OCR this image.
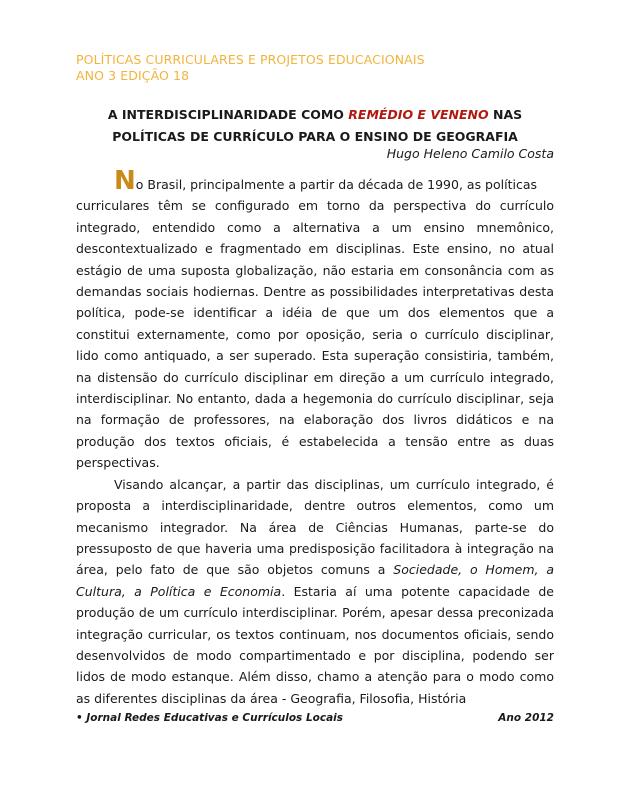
POLÍTICAS CURRICULARES E PROJETOS EDUCACIONAIS
ANO 3 EDIÇÃO 18
A INTERDISCIPLINARIDADE COMO REMÉDIO E VENENO NAS POLÍTICAS DE CURRÍCULO PARA O ENSINO DE GEOGRAFIA
Hugo Heleno Camilo Costa

No Brasil, principalmente a partir da década de 1990, as políticas

curriculares têm se configurado em torno da perspectiva do currículo integrado, entendido como a alternativa a um ensino mnemônico, descontextualizado e fragmentado em disciplinas. Este ensino, no atual estágio de uma suposta globalização, não estaria em consonância com as demandas sociais hodiernas. Dentre as possibilidades interpretativas desta política, pode-se identificar a idéia de que um dos elementos que a constitui externamente, como por oposição, seria o currículo disciplinar, lido como antiquado, a ser superado. Esta superação consistiria, também, na distensão do currículo disciplinar em direção a um currículo integrado, interdisciplinar. No entanto, dada a hegemonia do currículo disciplinar, seja na formação de professores, na elaboração dos livros didáticos e na produção dos textos oficiais, é estabelecida a tensão entre as duas perspectivas.

Visando alcançar, a partir das disciplinas, um currículo integrado, é proposta a interdisciplinaridade, dentre outros elementos, como um mecanismo integrador. Na área de Ciências Humanas, parte-se do pressuposto de que haveria uma predisposição facilitadora à integração na área, pelo fato de que são objetos comuns a Sociedade, o Homem, a Cultura, a Política e Economia. Estaria aí uma potente capacidade de produção de um currículo interdisciplinar. Porém, apesar dessa preconizada integração curricular, os textos continuam, nos documentos oficiais, sendo desenvolvidos de modo compartimentado e por disciplina, podendo ser lidos de modo estanque. Além disso, chamo a atenção para o modo como as diferentes disciplinas da área - Geografia, Filosofia, História

• Jornal Redes Educativas e Currículos Locais	Ano 2012
